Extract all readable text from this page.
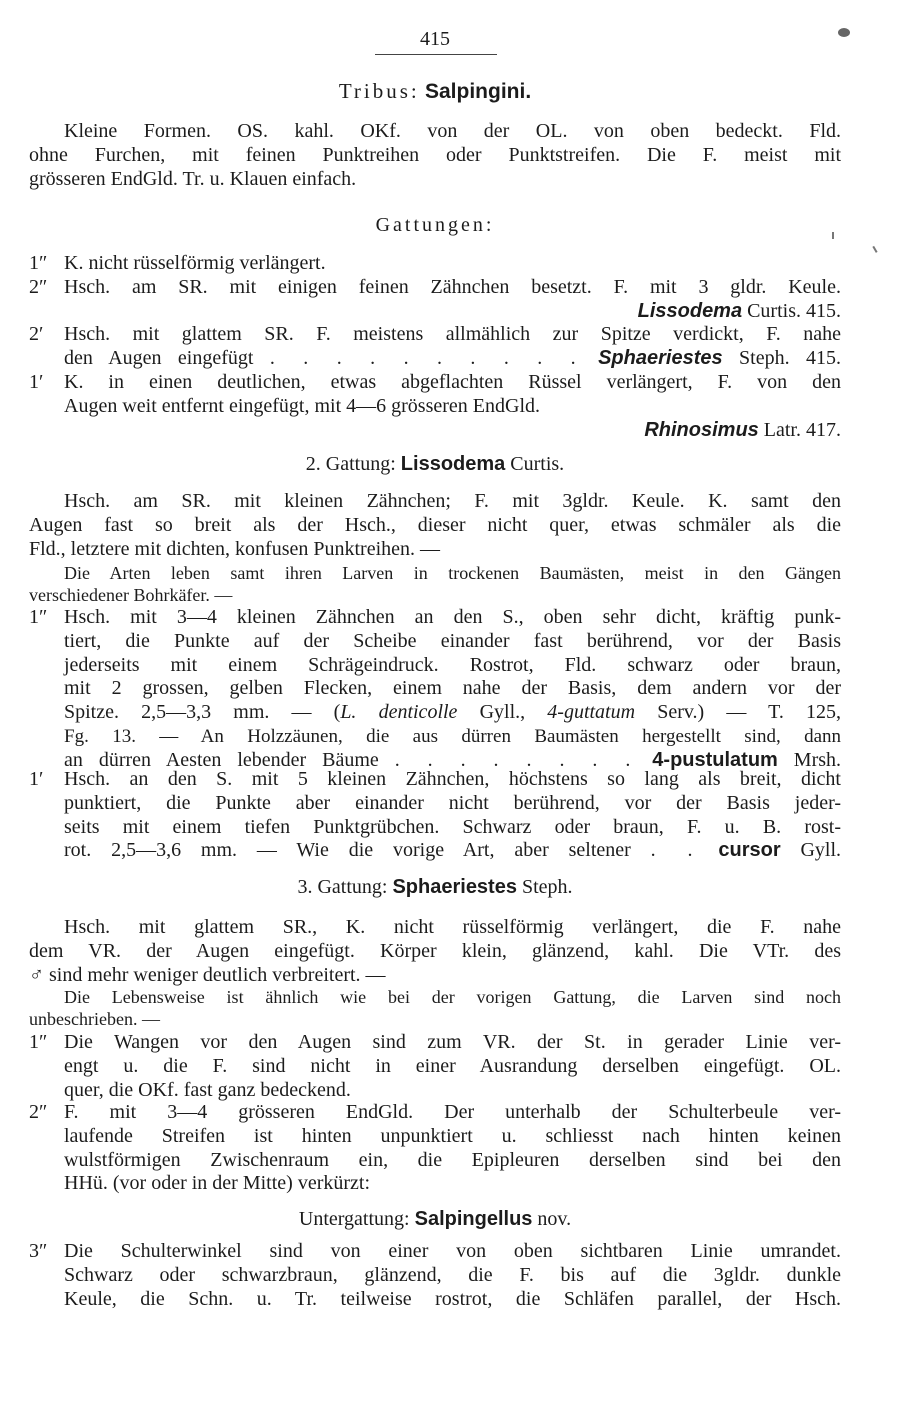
415
Tribus: Salpingini.
Kleine Formen. OS. kahl. OKf. von der OL. von oben bedeckt. Fld.
ohne Furchen, mit feinen Punktreihen oder Punktstreifen. Die F. meist mit
grösseren EndGld. Tr. u. Klauen einfach.
Gattungen:
1″ K. nicht rüsselförmig verlängert.
2″ Hsch. am SR. mit einigen feinen Zähnchen besetzt. F. mit 3 gldr. Keule.
Lissodema Curtis. 415.
2′	Hsch. mit glattem SR. F. meistens allmählich zur Spitze verdickt, F. nahe
den Augen eingefügt . . . . . . . . . . Sphaeriestes Steph. 415.
1′	K. in einen deutlichen, etwas abgeflachten Rüssel verlängert, F. von den
Augen weit entfernt eingefügt, mit 4—6 grösseren EndGld.
Rhinosimus Latr. 417.
2. Gattung: Lissodema Curtis.
Hsch. am SR. mit kleinen Zähnchen; F. mit 3gldr. Keule. K. samt den
Augen fast so breit als der Hsch., dieser nicht quer, etwas schmäler als die
Fld., letztere mit dichten, konfusen Punktreihen. —
Die Arten leben samt ihren Larven in trockenen Baumästen, meist in den Gängen
verschiedener Bohrkäfer. —
1″ Hsch. mit 3—4 kleinen Zähnchen an den S., oben sehr dicht, kräftig punk-
tiert, die Punkte auf der Scheibe einander fast berührend, vor der Basis
jederseits mit einem Schrägeindruck. Rostrot, Fld. schwarz oder braun,
mit 2 grossen, gelben Flecken, einem nahe der Basis, dem andern vor der
Spitze. 2,5—3,3 mm. — (L. denticolle Gyll., 4-guttatum Serv.) — T. 125,
Fg. 13. — An Holzzäunen, die aus dürren Baumästen hergestellt sind, dann
an dürren Aesten lebender Bäume . . . . . . . . 4-pustulatum Mrsh.
1′	Hsch. an den S. mit 5 kleinen Zähnchen, höchstens so lang als breit, dicht
punktiert, die Punkte aber einander nicht berührend, vor der Basis jeder-
seits mit einem tiefen Punktgrübchen. Schwarz oder braun, F. u. B. rost-
rot. 2,5—3,6 mm. — Wie die vorige Art, aber seltener . . cursor Gyll.
3. Gattung: Sphaeriestes Steph.
Hsch. mit glattem SR., K. nicht rüsselförmig verlängert, die F. nahe
dem VR. der Augen eingefügt. Körper klein, glänzend, kahl. Die VTr. des
♂ sind mehr weniger deutlich verbreitert. —
Die Lebensweise ist ähnlich wie bei der vorigen Gattung, die Larven sind noch
unbeschrieben. —
1″ Die Wangen vor den Augen sind zum VR. der St. in gerader Linie ver-
engt u. die F. sind nicht in einer Ausrandung derselben eingefügt. OL.
quer, die OKf. fast ganz bedeckend.
2″ F. mit 3—4 grösseren EndGld. Der unterhalb der Schulterbeule ver-
laufende Streifen ist hinten unpunktiert u. schliesst nach hinten keinen
wulstförmigen Zwischenraum ein, die Epipleuren derselben sind bei den
HHü. (vor oder in der Mitte) verkürzt:
Untergattung: Salpingellus nov.
3″ Die Schulterwinkel sind von einer von oben sichtbaren Linie umrandet.
Schwarz oder schwarzbraun, glänzend, die F. bis auf die 3gldr. dunkle
Keule, die Schn. u. Tr. teilweise rostrot, die Schläfen parallel, der Hsch.
